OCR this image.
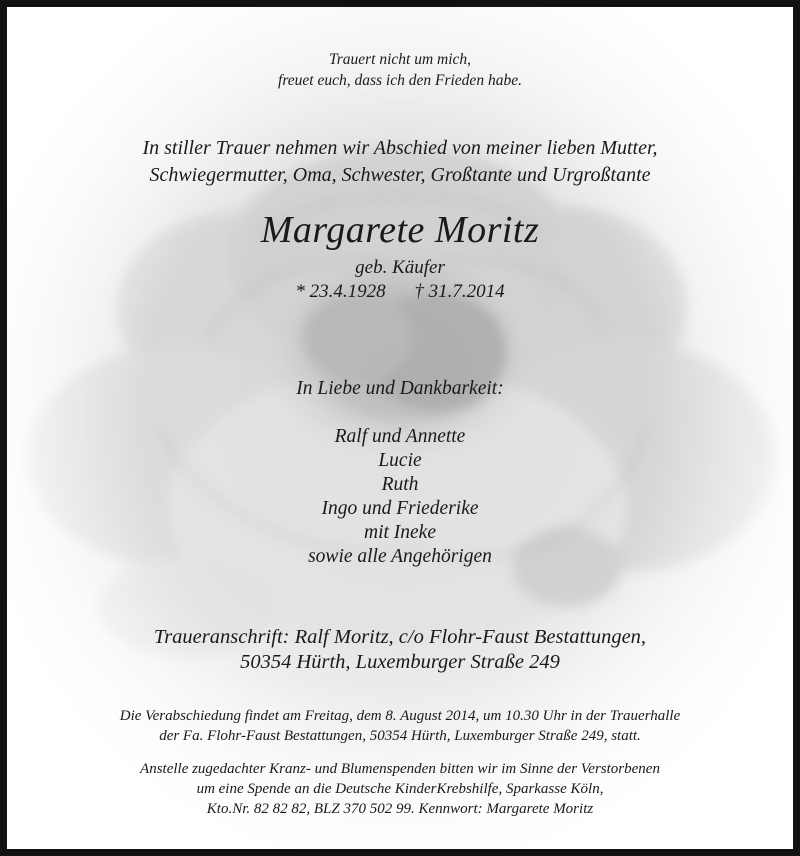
Trauert nicht um mich,
freuet euch, dass ich den Frieden habe.
In stiller Trauer nehmen wir Abschied von meiner lieben Mutter,
Schwiegermutter, Oma, Schwester, Großtante und Urgroßtante
Margarete Moritz
geb. Käufer
* 23.4.1928 † 31.7.2014
In Liebe und Dankbarkeit:
Ralf und Annette
Lucie
Ruth
Ingo und Friederike
mit Ineke
sowie alle Angehörigen
Traueranschrift: Ralf Moritz, c/o Flohr-Faust Bestattungen,
50354 Hürth, Luxemburger Straße 249
Die Verabschiedung findet am Freitag, dem 8. August 2014, um 10.30 Uhr in der Trauerhalle
der Fa. Flohr-Faust Bestattungen, 50354 Hürth, Luxemburger Straße 249, statt.
Anstelle zugedachter Kranz- und Blumenspenden bitten wir im Sinne der Verstorbenen
um eine Spende an die Deutsche KinderKrebshilfe, Sparkasse Köln,
Kto.Nr. 82 82 82, BLZ 370 502 99. Kennwort: Margarete Moritz
